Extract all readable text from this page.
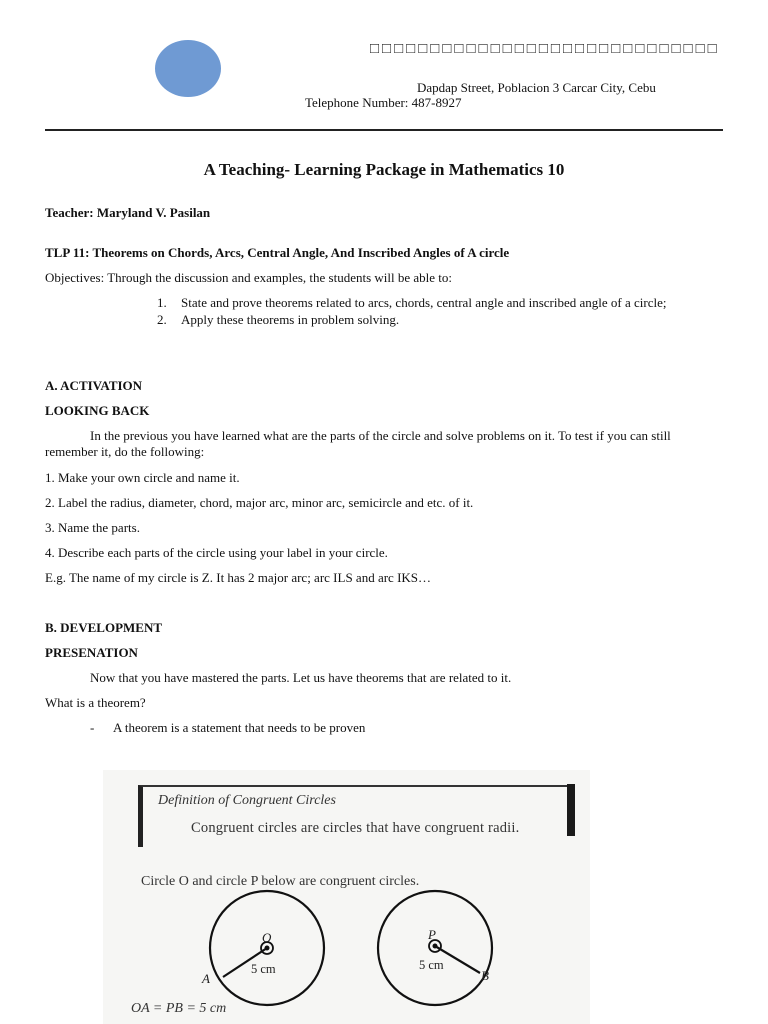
□□□□□□□□□□□□□□□□□□□□□□□□□□□□□
Dapdap Street, Poblacion 3 Carcar City, Cebu
Telephone Number: 487-8927
A Teaching- Learning Package in Mathematics 10
Teacher: Maryland V. Pasilan
TLP 11: Theorems on Chords, Arcs, Central Angle, And Inscribed Angles of A circle
Objectives: Through the discussion and examples, the students will be able to:
1.	State and prove theorems related to arcs, chords, central angle and inscribed angle of a circle;
2.	Apply these theorems in problem solving.
A. ACTIVATION
LOOKING BACK
In the previous you have learned what are the parts of the circle and solve problems on it. To test if you can still remember it, do the following:
1. Make your own circle and name it.
2. Label the radius, diameter, chord, major arc, minor arc, semicircle and etc. of it.
3. Name the parts.
4. Describe each parts of the circle using your label in your circle.
E.g. The name of my circle is Z. It has 2 major arc; arc ILS and arc IKS…
B. DEVELOPMENT
PRESENATION
Now that you have mastered the parts. Let us have theorems that are related to it.
What is a theorem?
- A theorem is a statement that needs to be proven
Definition of Congruent Circles
Congruent circles are circles that have congruent radii.
Circle O and circle P below are congruent circles.
O
A
5 cm
P
B
5 cm
OA = PB = 5 cm
